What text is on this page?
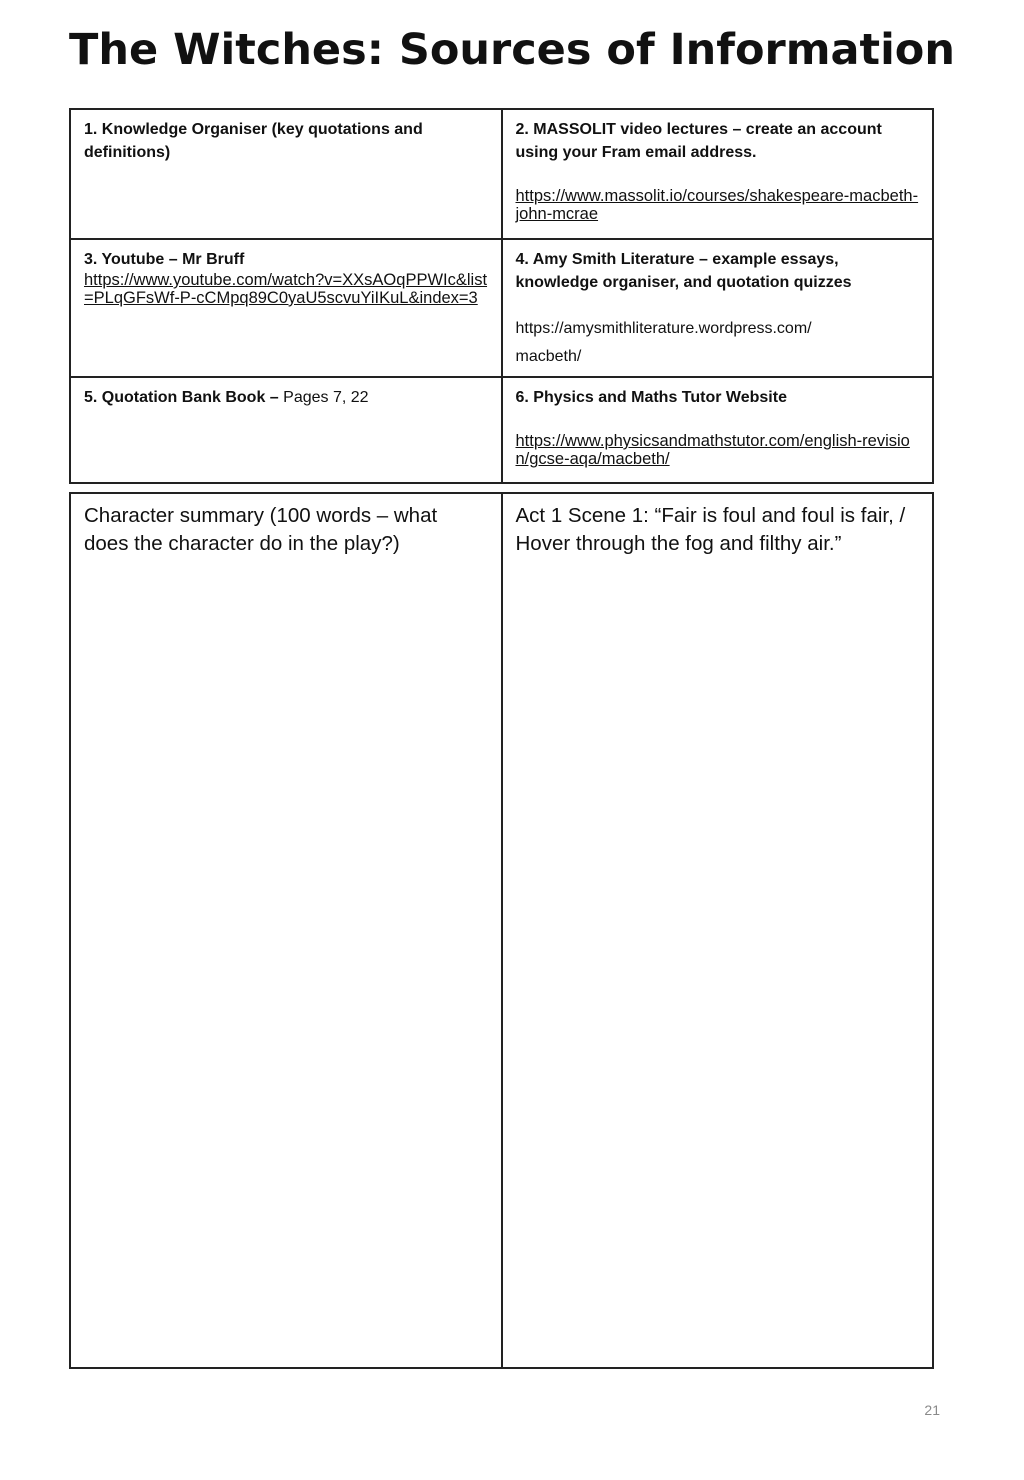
The Witches: Sources of Information
1. Knowledge Organiser (key quotations and definitions)	2. MASSOLIT video lectures – create an account using your Fram email address.
https://www.massolit.io/courses/shakespeare-macbeth-john-mcrae

3. Youtube – Mr Bruff
https://www.youtube.com/watch?v=XXsAOqPPWIc&list=PLqGFsWf-P-cCMpq89C0yaU5scvuYiIKuL&index=3	4. Amy Smith Literature – example essays, knowledge organiser, and quotation quizzes
https://amysmithliterature.wordpress.com/
macbeth/

5. Quotation Bank Book – Pages 7, 22	6. Physics and Maths Tutor Website
https://www.physicsandmathstutor.com/english-revision/gcse-aqa/macbeth/
Character summary (100 words – what does the character do in the play?)	Act 1 Scene 1: “Fair is foul and foul is fair, / Hover through the fog and filthy air.”
21
